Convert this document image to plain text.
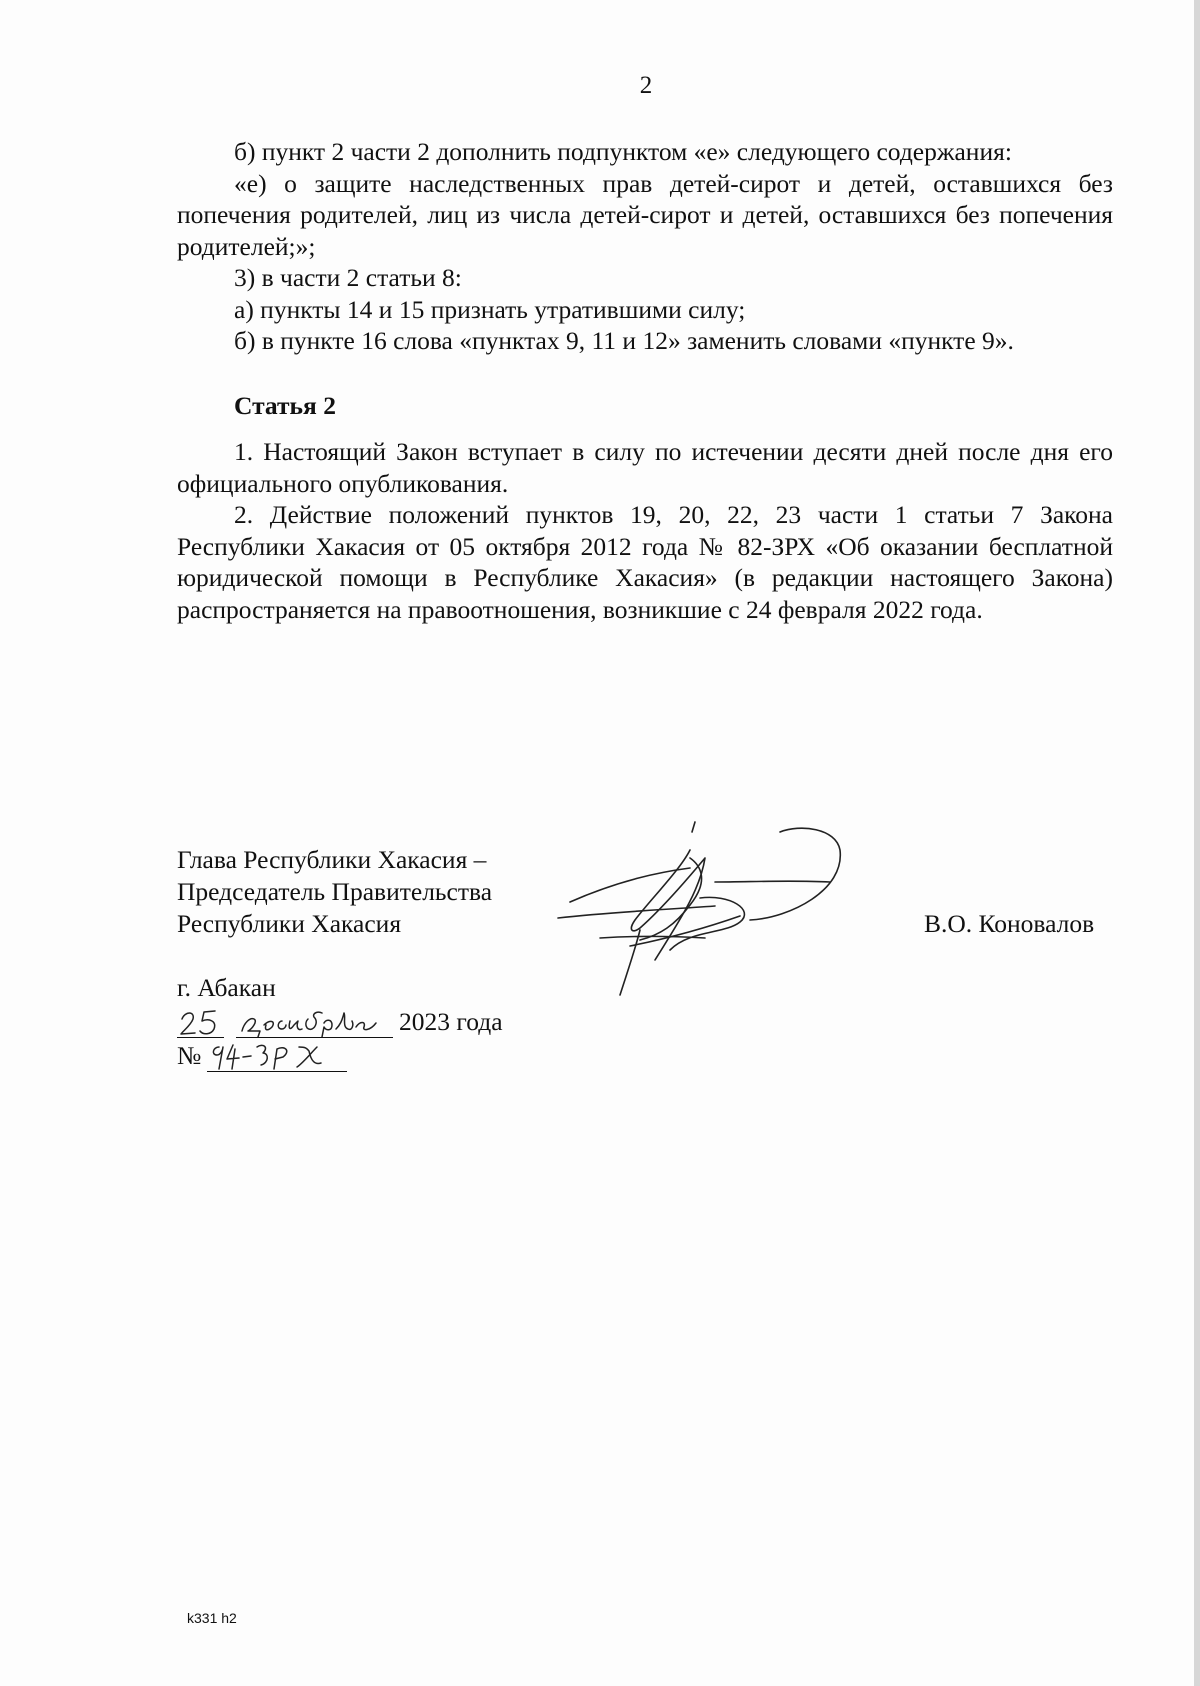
2

б) пункт 2 части 2 дополнить подпунктом «е» следующего содержания:

«е) о защите наследственных прав детей-сирот и детей, оставшихся без попечения родителей, лиц из числа детей-сирот и детей, оставшихся без попечения родителей;»;

3) в части 2 статьи 8:

а) пункты 14 и 15 признать утратившими силу;

б) в пункте 16 слова «пунктах 9, 11 и 12» заменить словами «пункте 9».

Статья 2

1. Настоящий Закон вступает в силу по истечении десяти дней после дня его официального опубликования.

2. Действие положений пунктов 19, 20, 22, 23 части 1 статьи 7 Закона Республики Хакасия от 05 октября 2012 года № 82-ЗРХ «Об оказании бесплатной юридической помощи в Республике Хакасия» (в редакции настоящего Закона) распространяется на правоотношения, возникшие с 24 февраля 2022 года.

Глава Республики Хакасия –
Председатель Правительства
Республики Хакасия	В.О. Коновалов
г. Абакан
2023 года
№
k331 h2
